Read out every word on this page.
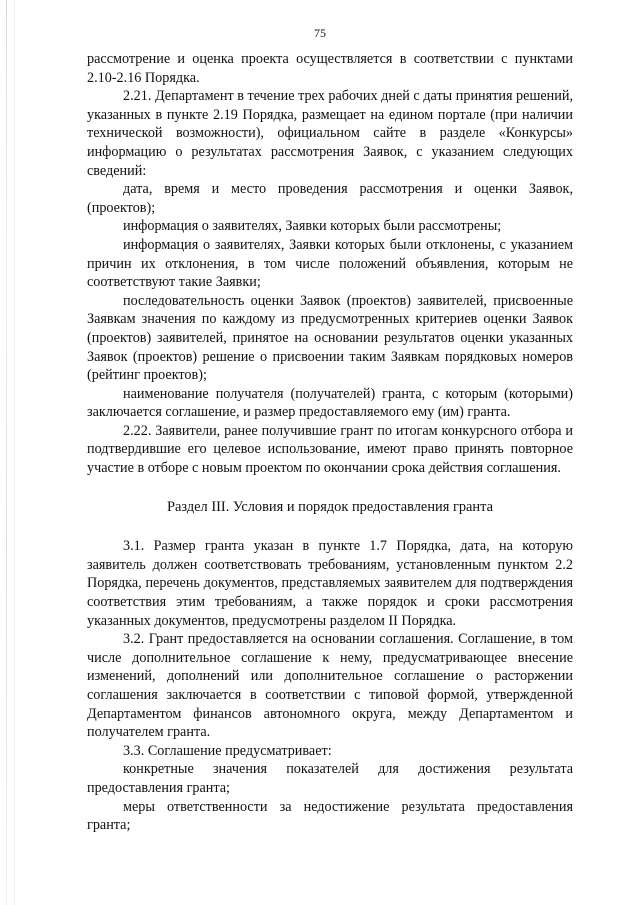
75

рассмотрение и оценка проекта осуществляется в соответствии с пунктами 2.10-2.16 Порядка.

2.21. Департамент в течение трех рабочих дней с даты принятия решений, указанных в пункте 2.19 Порядка, размещает на едином портале (при наличии технической возможности), официальном сайте в разделе «Конкурсы» информацию о результатах рассмотрения Заявок, с указанием следующих сведений:

дата, время и место проведения рассмотрения и оценки Заявок, (проектов);

информация о заявителях, Заявки которых были рассмотрены;

информация о заявителях, Заявки которых были отклонены, с указанием причин их отклонения, в том числе положений объявления, которым не соответствуют такие Заявки;

последовательность оценки Заявок (проектов) заявителей, присвоенные Заявкам значения по каждому из предусмотренных критериев оценки Заявок (проектов) заявителей, принятое на основании результатов оценки указанных Заявок (проектов) решение о присвоении таким Заявкам порядковых номеров (рейтинг проектов);

наименование получателя (получателей) гранта, с которым (которыми) заключается соглашение, и размер предоставляемого ему (им) гранта.

2.22. Заявители, ранее получившие грант по итогам конкурсного отбора и подтвердившие его целевое использование, имеют право принять повторное участие в отборе с новым проектом по окончании срока действия соглашения.

Раздел III. Условия и порядок предоставления гранта

3.1. Размер гранта указан в пункте 1.7 Порядка, дата, на которую заявитель должен соответствовать требованиям, установленным пунктом 2.2 Порядка, перечень документов, представляемых заявителем для подтверждения соответствия этим требованиям, а также порядок и сроки рассмотрения указанных документов, предусмотрены разделом II Порядка.

3.2. Грант предоставляется на основании соглашения. Соглашение, в том числе дополнительное соглашение к нему, предусматривающее внесение изменений, дополнений или дополнительное соглашение о расторжении соглашения заключается в соответствии с типовой формой, утвержденной Департаментом финансов автономного округа, между Департаментом и получателем гранта.

3.3. Соглашение предусматривает:

конкретные значения показателей для достижения результата предоставления гранта;

меры ответственности за недостижение результата предоставления гранта;
